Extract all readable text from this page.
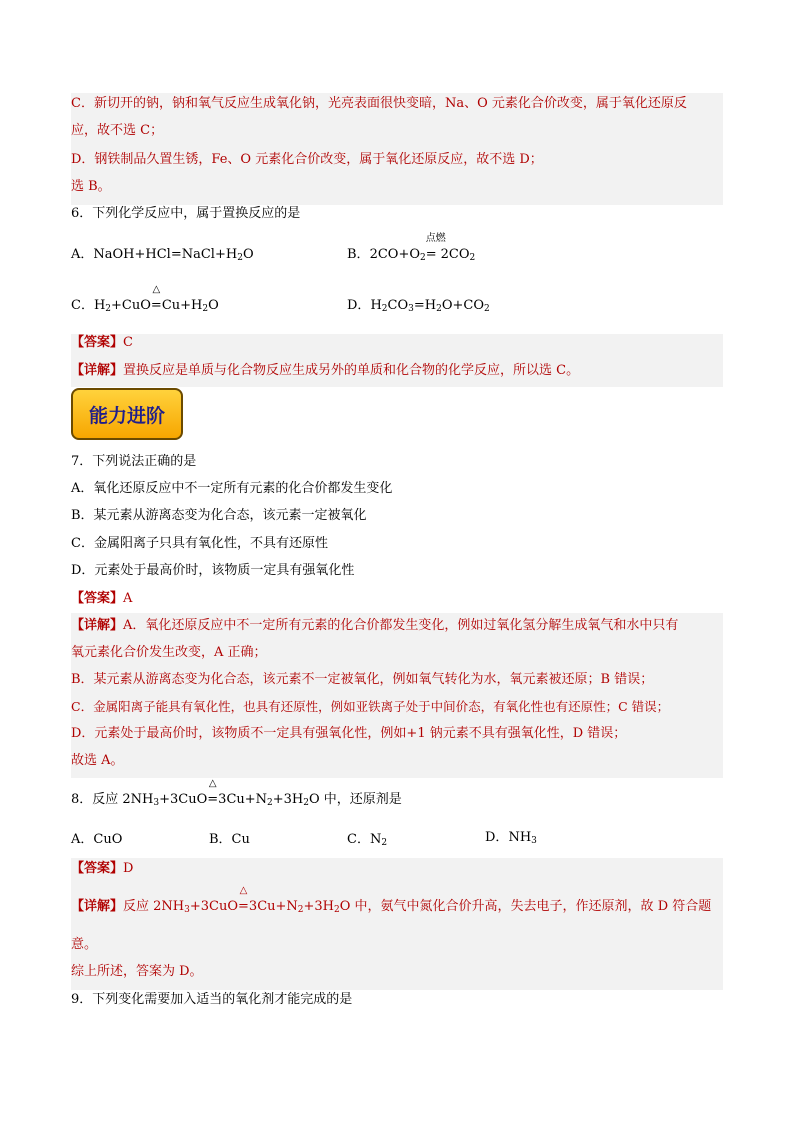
C．新切开的钠，钠和氧气反应生成氧化钠，光亮表面很快变暗，Na、O 元素化合价改变，属于氧化还原反
应，故不选 C；
D．钢铁制品久置生锈，Fe、O 元素化合价改变，属于氧化还原反应，故不选 D；
选 B。
6．下列化学反应中，属于置换反应的是
A．$NaOH+HCl=NaCl+H_2O$	B．$2CO+O_2$
点燃
$=2CO_2$
C．$H_2+CuO$
△
$=Cu+H_2O$	D．$H_2CO_3=H_2O+CO_2$
【答案】C
【详解】置换反应是单质与化合物反应生成另外的单质和化合物的化学反应，所以选 C。
能力进阶
7．下列说法正确的是
A．氧化还原反应中不一定所有元素的化合价都发生变化
B．某元素从游离态变为化合态，该元素一定被氧化
C．金属阳离子只具有氧化性，不具有还原性
D．元素处于最高价时，该物质一定具有强氧化性
【答案】A
【详解】A．氧化还原反应中不一定所有元素的化合价都发生变化，例如过氧化氢分解生成氧气和水中只有
氧元素化合价发生改变，A 正确；
B．某元素从游离态变为化合态，该元素不一定被氧化，例如氧气转化为水，氧元素被还原；B 错误；
C．金属阳离子能具有氧化性，也具有还原性，例如亚铁离子处于中间价态，有氧化性也有还原性；C 错误；
D．元素处于最高价时，该物质不一定具有强氧化性，例如+1 钠元素不具有强氧化性，D 错误；
故选 A。
8．反应 $2NH_3+3CuO$
△
$=3Cu+N_2+3H_2O$ 中，还原剂是
A．CuO	B．Cu	C．$N_2$	D．$NH_3$
【答案】D
【详解】反应 $2NH_3+3CuO$
△
$=3Cu+N_2+3H_2O$ 中，氨气中氮化合价升高，失去电子，作还原剂，故 D 符合题
意。
综上所述，答案为 D。
9．下列变化需要加入适当的氧化剂才能完成的是
